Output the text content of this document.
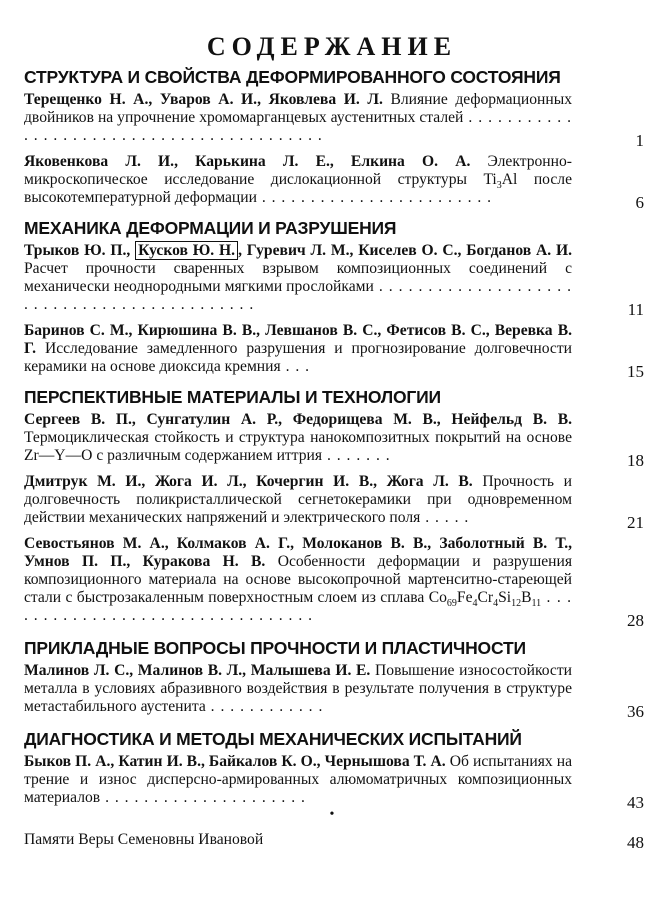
СОДЕРЖАНИЕ
СТРУКТУРА И СВОЙСТВА ДЕФОРМИРОВАННОГО СОСТОЯНИЯ

Терещенко Н. А., Уваров А. И., Яковлева И. Л. Влияние деформационных двойников на упрочнение хромомарганцевых аустенитных сталей . . . . . . . . . . . . . . . . . . . . . . . . . . . . . . . . . . . . . . . . . .	1

Яковенкова Л. И., Карькина Л. Е., Елкина О. А. Электронно-микроскопическое исследование дислокационной структуры $Ti_3Al$ после высокотемпературной деформации . . . . . . . . . . . . . . . . . . . . . . . .	6
МЕХАНИКА ДЕФОРМАЦИИ И РАЗРУШЕНИЯ

Трыков Ю. П., Кусков Ю. Н. , Гуревич Л. М., Киселев О. С., Богданов А. И. Расчет прочности сваренных взрывом композиционных соединений с механически неоднородными мягкими прослойками . . . . . . . . . . . . . . . . . . . . . . . . . . . . . . . . . . . . . . . . . . . .	11

Баринов С. М., Кирюшина В. В., Левшанов В. С., Фетисов В. С., Веревка В. Г. Исследование замедленного разрушения и прогнозирование долговечности керамики на основе диоксида кремния . . .	15
ПЕРСПЕКТИВНЫЕ МАТЕРИАЛЫ И ТЕХНОЛОГИИ

Сергеев В. П., Сунгатулин А. Р., Федорищева М. В., Нейфельд В. В. Термоциклическая стойкость и структура нанокомпозитных покрытий на основе Zr—Y—O с различным содержанием иттрия . . . . . . .	18

Дмитрук М. И., Жога И. Л., Кочергин И. В., Жога Л. В. Прочность и долговечность поликристаллической сегнетокерамики при одновременном действии механических напряжений и электрического поля . . . . .	21

Севостьянов М. А., Колмаков А. Г., Молоканов В. В., Заболотный В. Т., Умнов П. П., Куракова Н. В. Особенности деформации и разрушения композиционного материала на основе высокопрочной мартенситно-стареющей стали с быстрозакаленным поверхностным слоем из сплава $Co_{69}Fe_4Cr_4Si_{12}B_{11}$ . . . . . . . . . . . . . . . . . . . . . . . . . . . . . . . . .	28
ПРИКЛАДНЫЕ ВОПРОСЫ ПРОЧНОСТИ И ПЛАСТИЧНОСТИ

Малинов Л. С., Малинов В. Л., Малышева И. Е. Повышение износостойкости металла в условиях абразивного воздействия в результате получения в структуре метастабильного аустенита . . . . . . . . . . . .	36
ДИАГНОСТИКА И МЕТОДЫ МЕХАНИЧЕСКИХ ИСПЫТАНИЙ

Быков П. А., Катин И. В., Байкалов К. О., Чернышова Т. А. Об испытаниях на трение и износ дисперсно-армированных алюмоматричных композиционных материалов . . . . . . . . . . . . . . . . . . . . .	43
•
Памяти Веры Семеновны Ивановой	48
